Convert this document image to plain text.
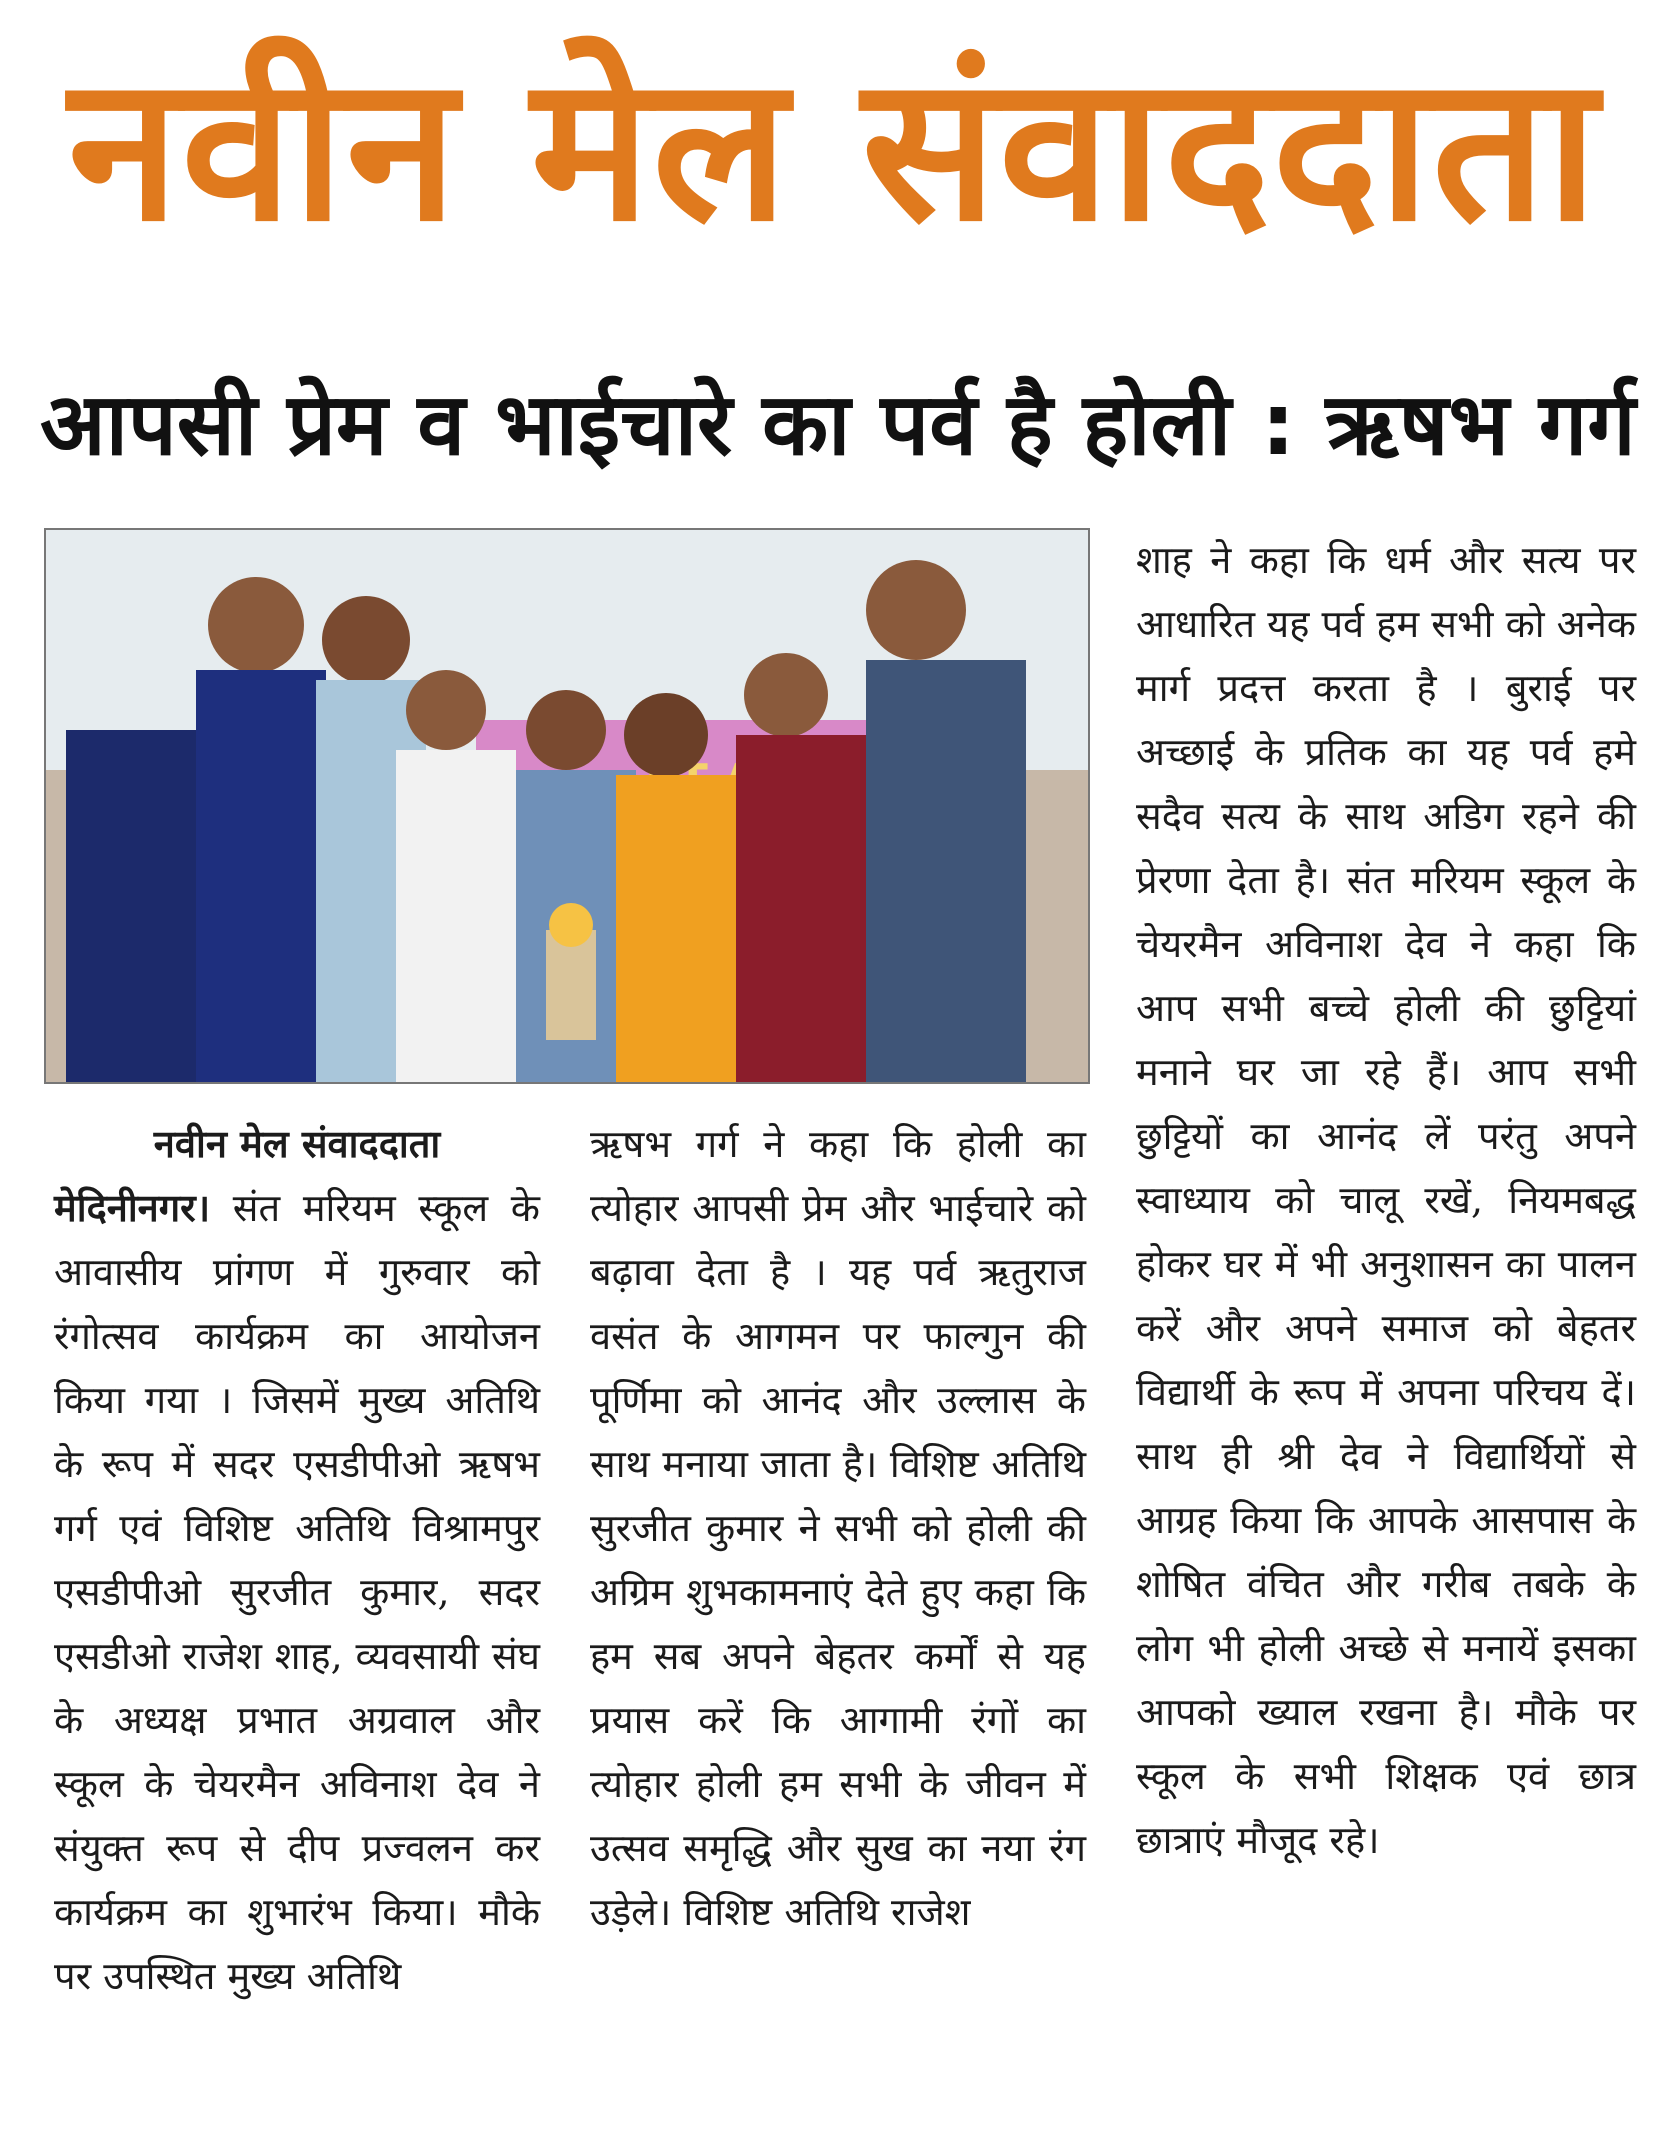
नवीन मेल संवाददाता
आपसी प्रेम व भाईचारे का पर्व है होली : ऋषभ गर्ग
नवीन मेल संवाददाता
मेदिनीनगर। संत मरियम स्कूल के आवासीय प्रांगण में गुरुवार को रंगोत्सव कार्यक्रम का आयोजन किया गया । जिसमें मुख्य अतिथि के रूप में सदर एसडीपीओ ऋषभ गर्ग एवं विशिष्ट अतिथि विश्रामपुर एसडीपीओ सुरजीत कुमार, सदर एसडीओ राजेश शाह, व्यवसायी संघ के अध्यक्ष प्रभात अग्रवाल और स्कूल के चेयरमैन अविनाश देव ने संयुक्त रूप से दीप प्रज्वलन कर कार्यक्रम का शुभारंभ किया। मौके पर उपस्थित मुख्य अतिथि
ऋषभ गर्ग ने कहा कि होली का त्योहार आपसी प्रेम और भाईचारे को बढ़ावा देता है । यह पर्व ऋतुराज वसंत के आगमन पर फाल्गुन की पूर्णिमा को आनंद और उल्लास के साथ मनाया जाता है। विशिष्ट अतिथि सुरजीत कुमार ने सभी को होली की अग्रिम शुभकामनाएं देते हुए कहा कि हम सब अपने बेहतर कर्मों से यह प्रयास करें कि आगामी रंगों का त्योहार होली हम सभी के जीवन में उत्सव समृद्धि और सुख का नया रंग उड़ेले। विशिष्ट अतिथि राजेश
शाह ने कहा कि धर्म और सत्य पर आधारित यह पर्व हम सभी को अनेक मार्ग प्रदत्त करता है । बुराई पर अच्छाई के प्रतिक का यह पर्व हमे सदैव सत्य के साथ अडिग रहने की प्रेरणा देता है। संत मरियम स्कूल के चेयरमैन अविनाश देव ने कहा कि आप सभी बच्चे होली की छुट्टियां मनाने घर जा रहे हैं। आप सभी छुट्टियों का आनंद लें परंतु अपने स्वाध्याय को चालू रखें, नियमबद्ध होकर घर में भी अनुशासन का पालन करें और अपने समाज को बेहतर विद्यार्थी के रूप में अपना परिचय दें। साथ ही श्री देव ने विद्यार्थियों से आग्रह किया कि आपके आसपास के शोषित वंचित और गरीब तबके के लोग भी होली अच्छे से मनायें इसका आपको ख्याल रखना है। मौके पर स्कूल के सभी शिक्षक एवं छात्र छात्राएं मौजूद रहे।
